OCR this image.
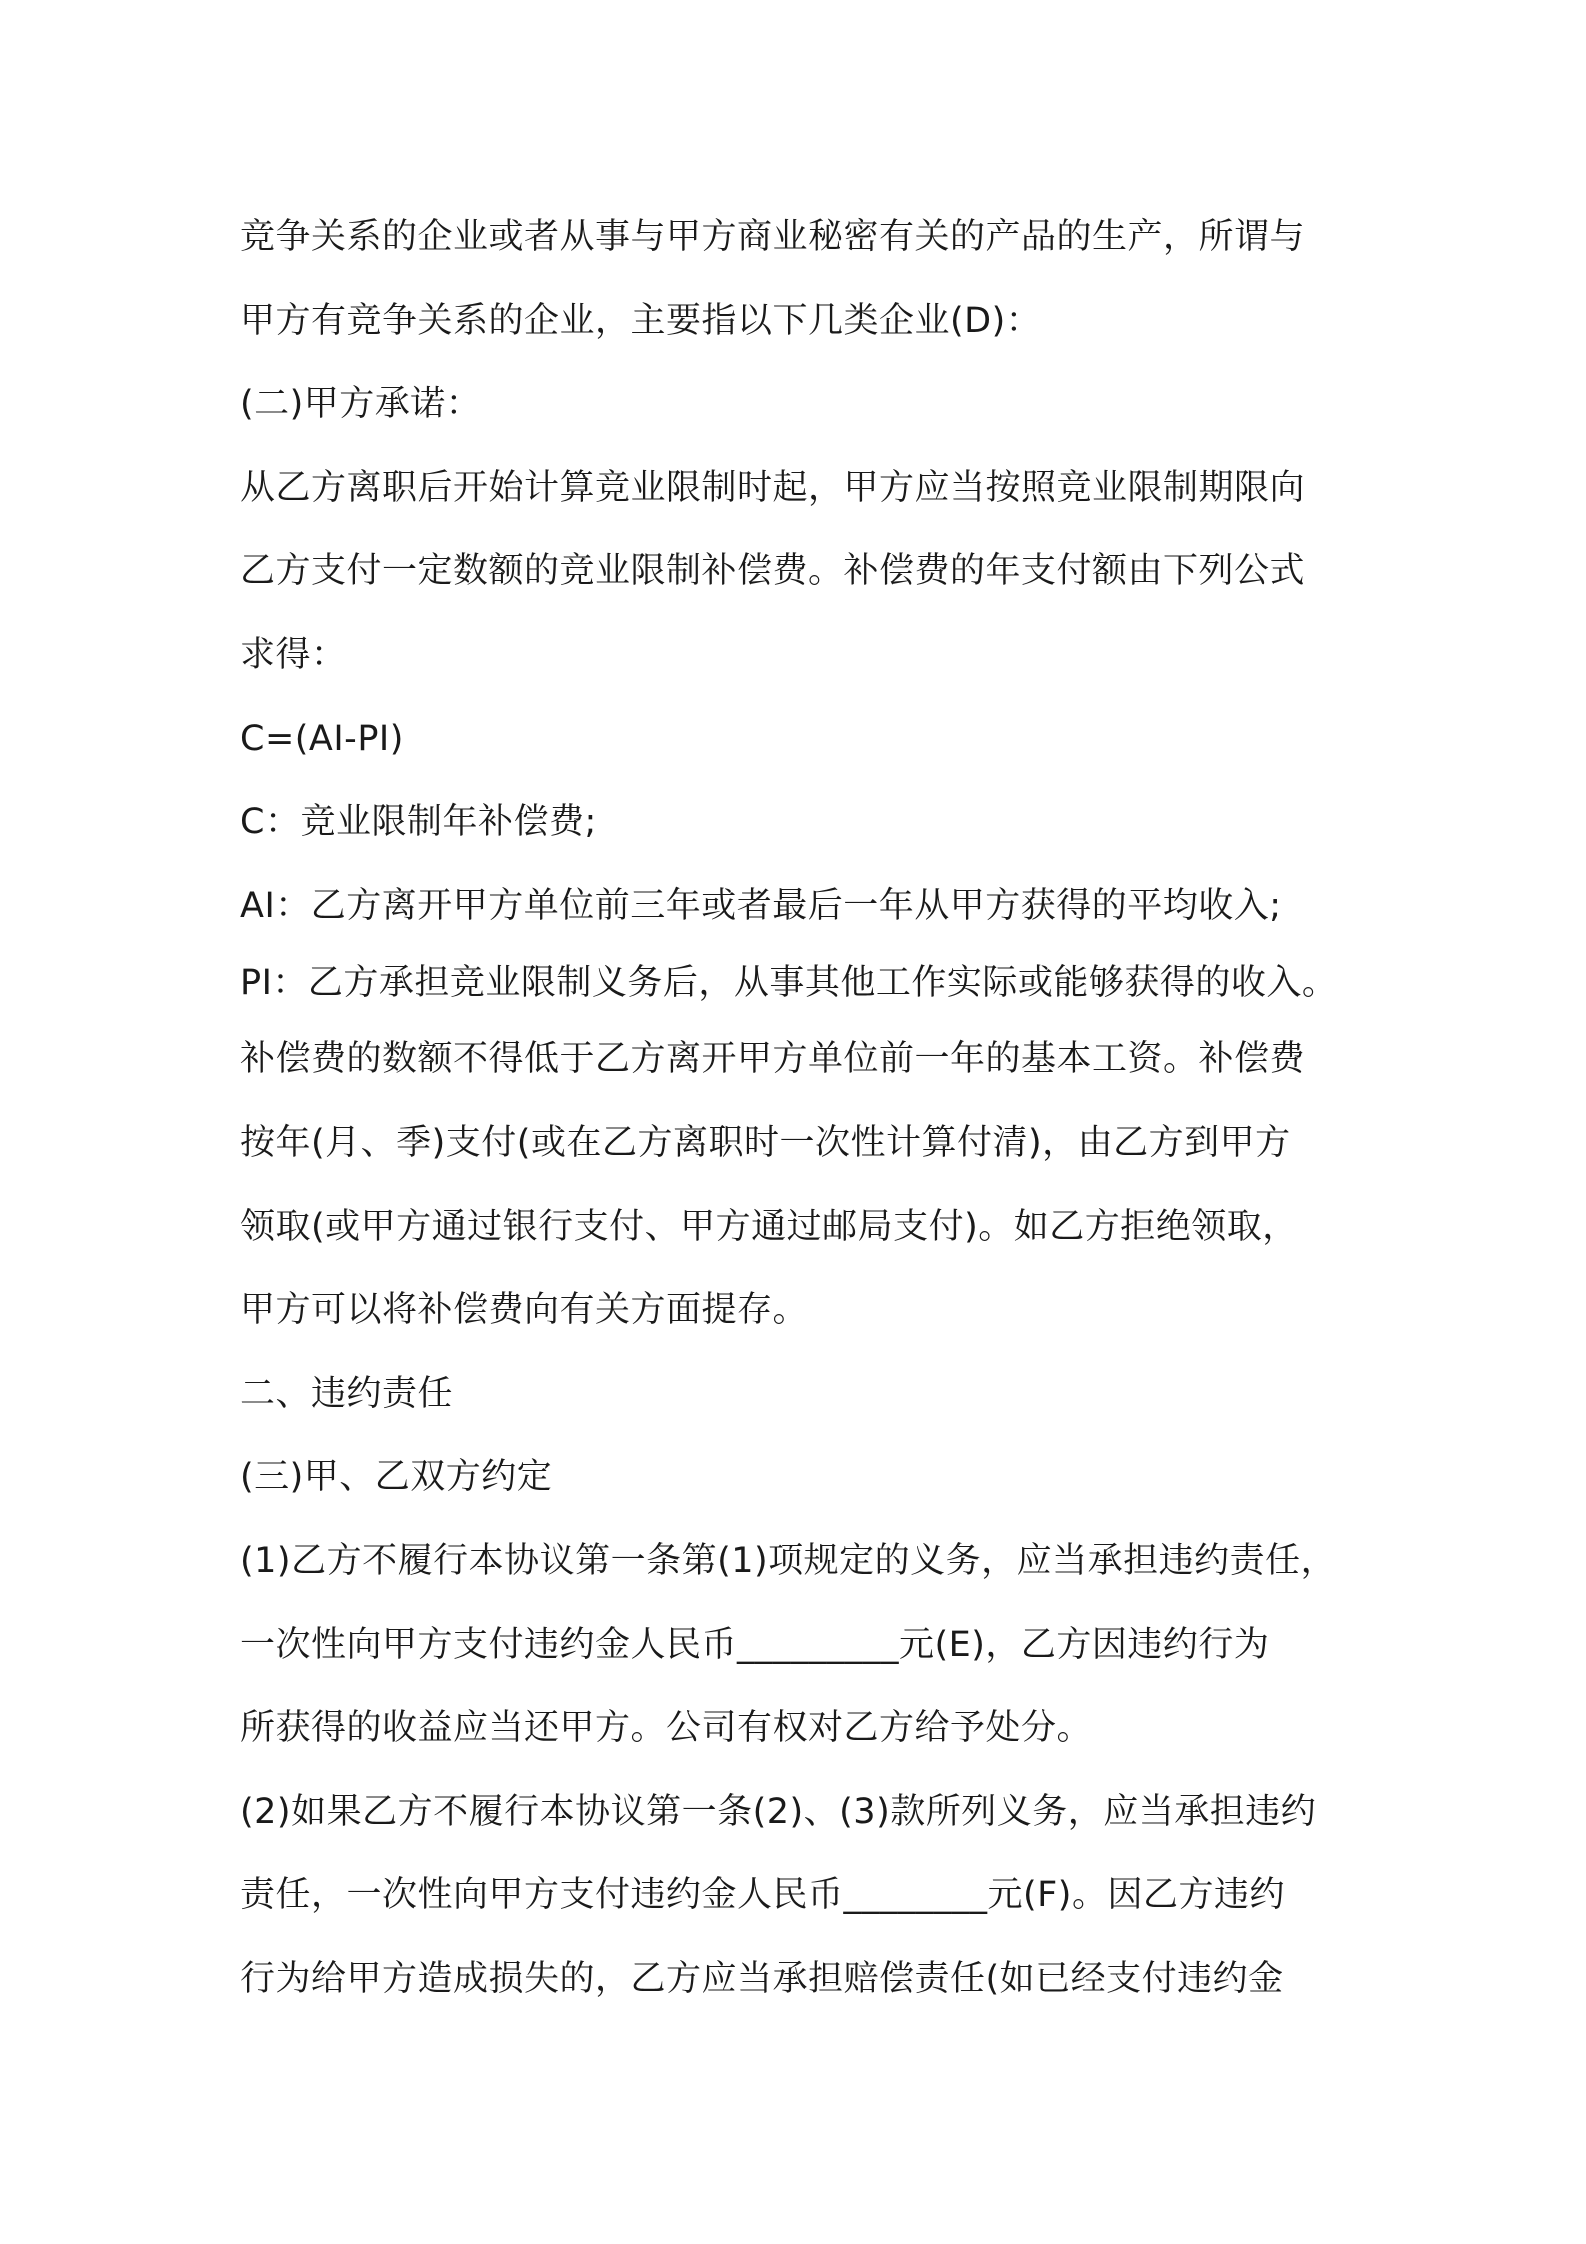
竞争关系的企业或者从事与甲方商业秘密有关的产品的生产，所谓与
甲方有竞争关系的企业，主要指以下几类企业(D)：
(二)甲方承诺：
从乙方离职后开始计算竞业限制时起，甲方应当按照竞业限制期限向
乙方支付一定数额的竞业限制补偿费。补偿费的年支付额由下列公式
求得：
C=(AI-PI)
C：竞业限制年补偿费;
AI：乙方离开甲方单位前三年或者最后一年从甲方获得的平均收入;
PI：乙方承担竞业限制义务后，从事其他工作实际或能够获得的收入。
补偿费的数额不得低于乙方离开甲方单位前一年的基本工资。补偿费
按年(月、季)支付(或在乙方离职时一次性计算付清)，由乙方到甲方
领取(或甲方通过银行支付、甲方通过邮局支付)。如乙方拒绝领取，
甲方可以将补偿费向有关方面提存。
二、违约责任
(三)甲、乙双方约定
(1)乙方不履行本协议第一条第(1)项规定的义务，应当承担违约责任，
一次性向甲方支付违约金人民币_________元(E)，乙方因违约行为
所获得的收益应当还甲方。公司有权对乙方给予处分。
(2)如果乙方不履行本协议第一条(2)、(3)款所列义务，应当承担违约
责任，一次性向甲方支付违约金人民币________元(F)。因乙方违约
行为给甲方造成损失的，乙方应当承担赔偿责任(如已经支付违约金
